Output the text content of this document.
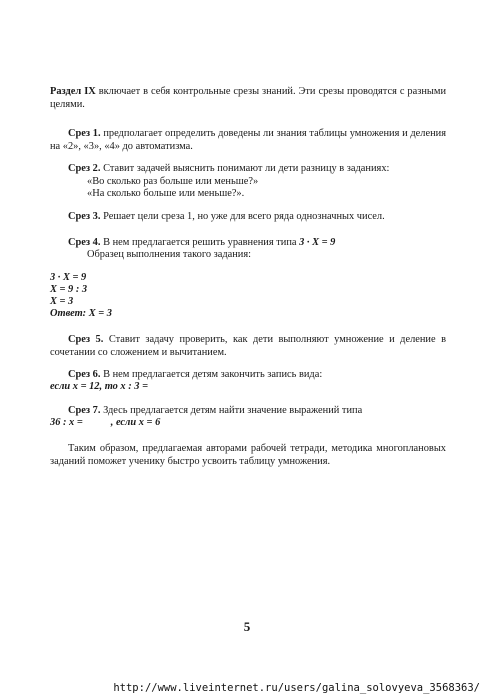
Раздел IX включает в себя контрольные срезы знаний. Эти срезы проводятся с разными целями.

Срез 1. предполагает определить доведены ли знания таблицы умножения и деления на «2», «3», «4» до автоматизма.

Срез 2. Ставит задачей выяснить понимают ли дети разницу в заданиях:

«Во сколько раз больше или меньше?»

«На сколько больше или меньше?».

Срез 3. Решает цели среза 1, но уже для всего ряда однозначных чисел.

Срез 4. В нем предлагается решить уравнения типа 3 · X = 9

Образец выполнения такого задания:

3 · X = 9

X = 9 : 3

X = 3

Ответ: X = 3

Срез 5. Ставит задачу проверить, как дети выполняют умножение и деление в сочетании со сложением и вычитанием.

Срез 6. В нем предлагается детям закончить запись вида:

если x = 12, то x : 3 =

Срез 7. Здесь предлагается детям найти значение выражений типа

36 : x =	, если x = 6

Таким образом, предлагаемая авторами рабочей тетради, методика многоплановых заданий поможет ученику быстро усвоить таблицу умножения.

5
http://www.liveinternet.ru/users/galina_solovyeva_3568363/
